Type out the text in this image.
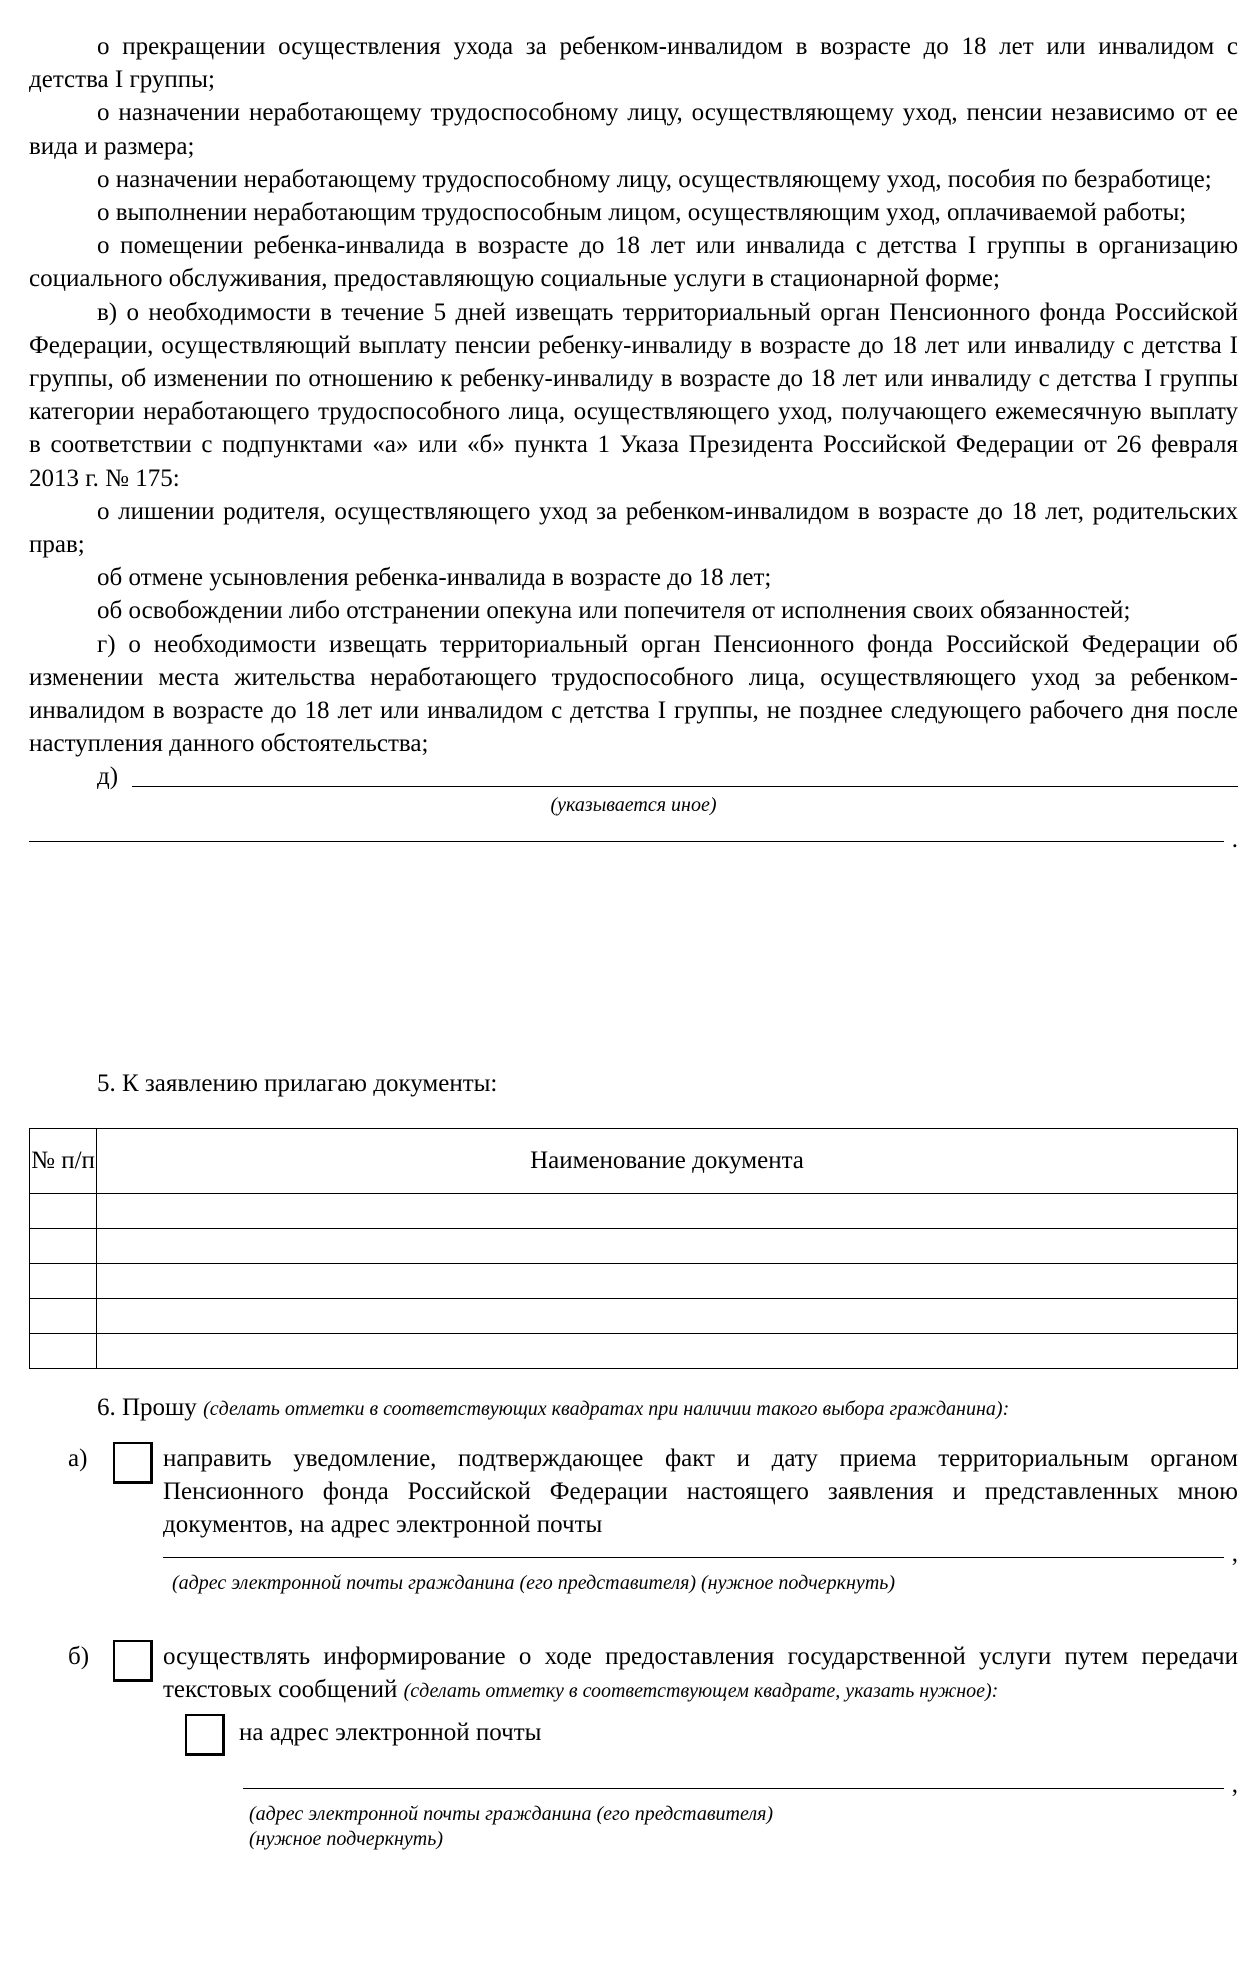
о прекращении осуществления ухода за ребенком-инвалидом в возрасте до 18 лет или инвалидом с детства I группы;

о назначении неработающему трудоспособному лицу, осуществляющему уход, пенсии независимо от ее вида и размера;

о назначении неработающему трудоспособному лицу, осуществляющему уход, пособия по безработице;

о выполнении неработающим трудоспособным лицом, осуществляющим уход, оплачиваемой работы;

о помещении ребенка-инвалида в возрасте до 18 лет или инвалида с детства I группы в организацию социального обслуживания, предоставляющую социальные услуги в стационарной форме;

в) о необходимости в течение 5 дней извещать территориальный орган Пенсионного фонда Российской Федерации, осуществляющий выплату пенсии ребенку-инвалиду в возрасте до 18 лет или инвалиду с детства I группы, об изменении по отношению к ребенку-инвалиду в возрасте до 18 лет или инвалиду с детства I группы категории неработающего трудоспособного лица, осуществляющего уход, получающего ежемесячную выплату в соответствии с подпунктами «а» или «б» пункта 1 Указа Президента Российской Федерации от 26 февраля 2013 г. № 175:

о лишении родителя, осуществляющего уход за ребенком-инвалидом в возрасте до 18 лет, родительских прав;

об отмене усыновления ребенка-инвалида в возрасте до 18 лет;

об освобождении либо отстранении опекуна или попечителя от исполнения своих обязанностей;

г) о необходимости извещать территориальный орган Пенсионного фонда Российской Федерации об изменении места жительства неработающего трудоспособного лица, осуществляющего уход за ребенком-инвалидом в возрасте до 18 лет или инвалидом с детства I группы, не позднее следующего рабочего дня после наступления данного обстоятельства;

д)
(указывается иное)
.
5. К заявлению прилагаю документы:
№ п/п	Наименование документа

6. Прошу (сделать отметки в соответствующих квадратах при наличии такого выбора гражданина):
а)	направить уведомление, подтверждающее факт и дату приема территориальным органом Пенсионного фонда Российской Федерации настоящего заявления и представленных мною документов, на адрес электронной почты
,
(адрес электронной почты гражданина (его представителя) (нужное подчеркнуть)
б)	осуществлять информирование о ходе предоставления государственной услуги путем передачи текстовых сообщений (сделать отметку в соответствующем квадрате, указать нужное):
на адрес электронной почты
,
(адрес электронной почты гражданина (его представителя)
(нужное подчеркнуть)
